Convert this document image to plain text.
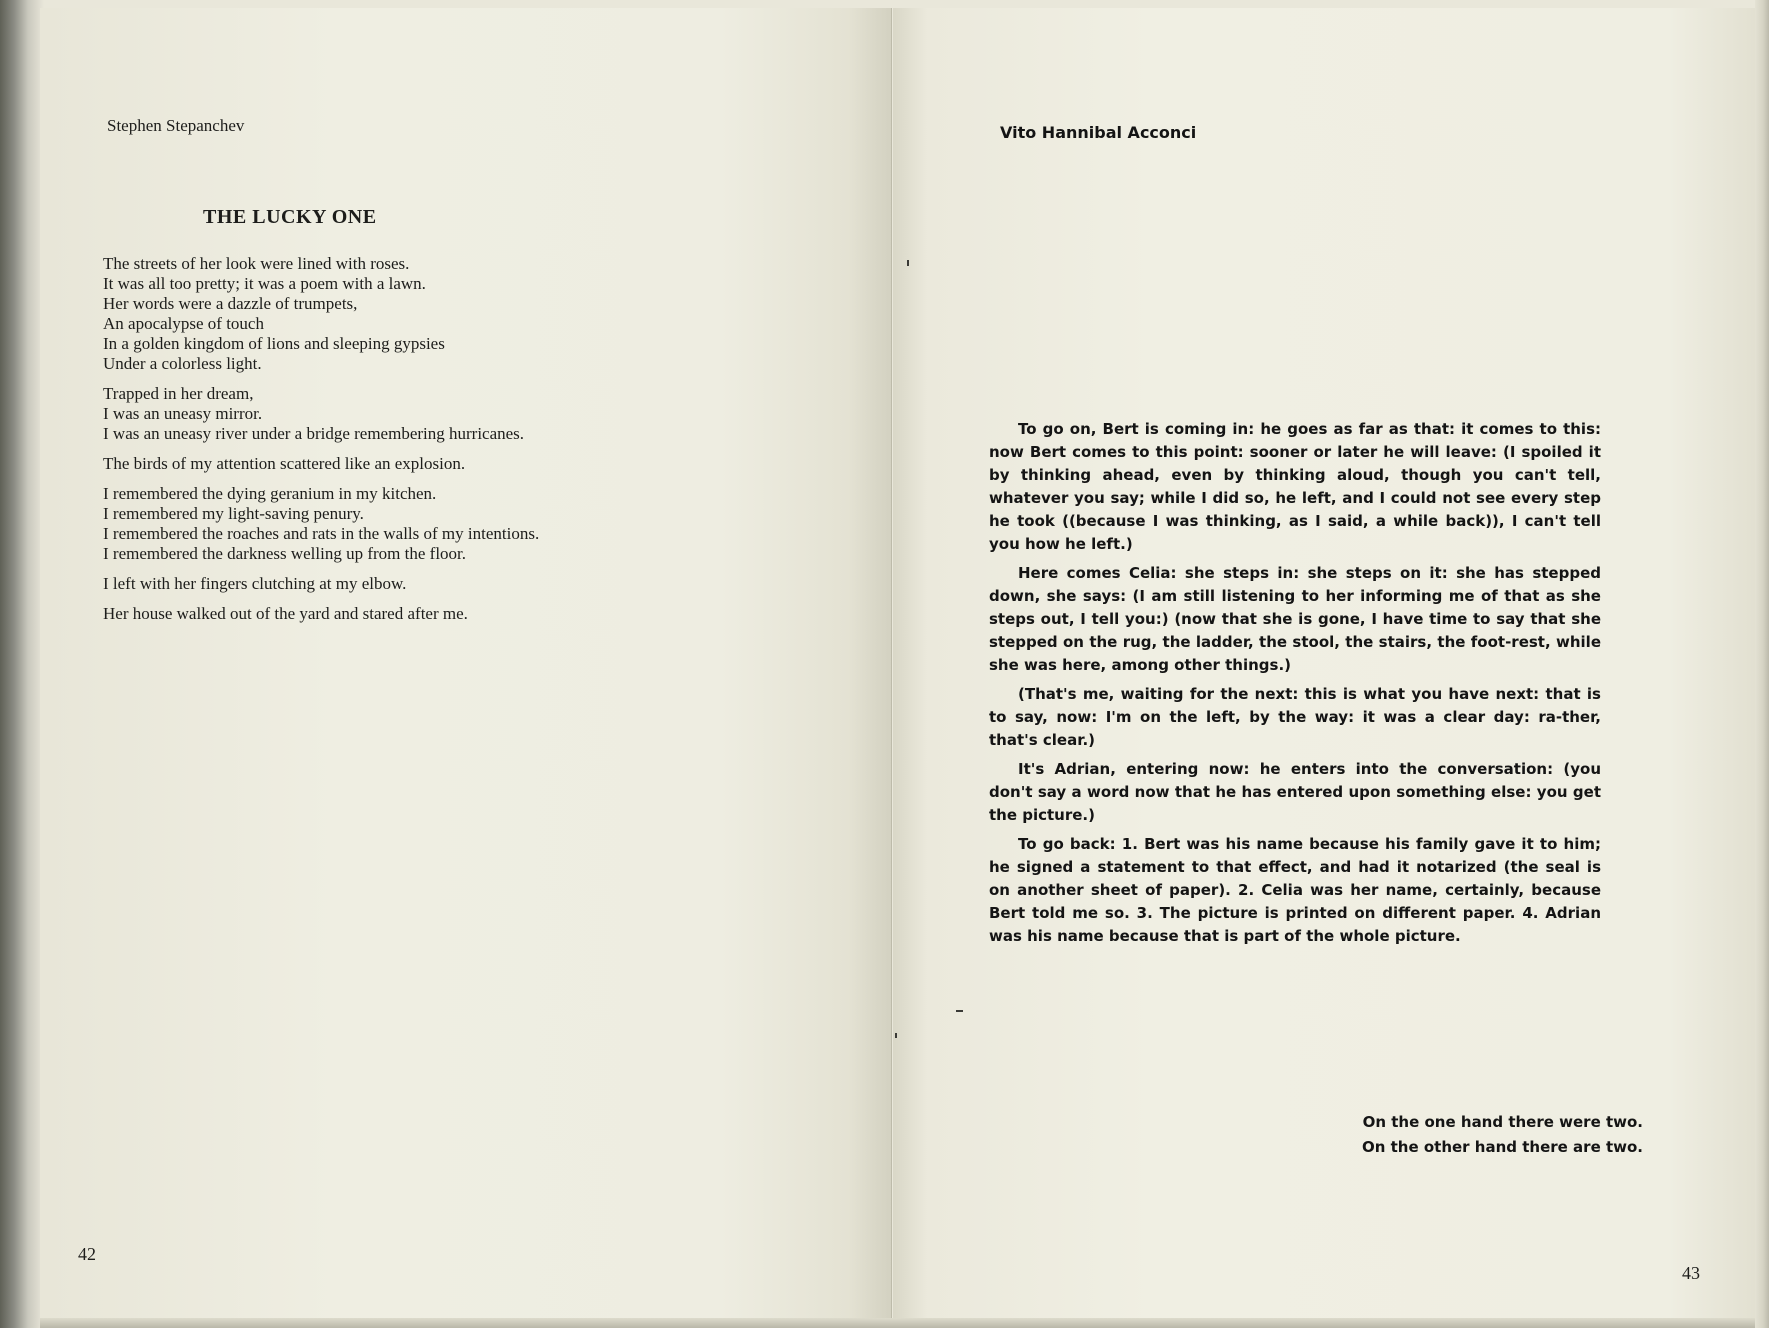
Stephen Stepanchev
THE LUCKY ONE
The streets of her look were lined with roses.
It was all too pretty; it was a poem with a lawn.
Her words were a dazzle of trumpets,
An apocalypse of touch
In a golden kingdom of lions and sleeping gypsies
Under a colorless light.
Trapped in her dream,
I was an uneasy mirror.
I was an uneasy river under a bridge remembering hurricanes.
The birds of my attention scattered like an explosion.
I remembered the dying geranium in my kitchen.
I remembered my light-saving penury.
I remembered the roaches and rats in the walls of my intentions.
I remembered the darkness welling up from the floor.
I left with her fingers clutching at my elbow.
Her house walked out of the yard and stared after me.
42
Vito Hannibal Acconci

To go on, Bert is coming in: he goes as far as that: it comes to this: now Bert comes to this point: sooner or later he will leave: (I spoiled it by thinking ahead, even by thinking aloud, though you can't tell, whatever you say; while I did so, he left, and I could not see every step he took ((because I was thinking, as I said, a while back)), I can't tell you how he left.)

Here comes Celia: she steps in: she steps on it: she has stepped down, she says: (I am still listening to her informing me of that as she steps out, I tell you:) (now that she is gone, I have time to say that she stepped on the rug, the ladder, the stool, the stairs, the foot-rest, while she was here, among other things.)

(That's me, waiting for the next: this is what you have next: that is to say, now: I'm on the left, by the way: it was a clear day: ra-ther, that's clear.)

It's Adrian, entering now: he enters into the conversation: (you don't say a word now that he has entered upon something else: you get the picture.)

To go back: 1. Bert was his name because his family gave it to him; he signed a statement to that effect, and had it notarized (the seal is on another sheet of paper). 2. Celia was her name, certainly, because Bert told me so. 3. The picture is printed on different paper. 4. Adrian was his name because that is part of the whole picture.

On the one hand there were two.
On the other hand there are two.
43
